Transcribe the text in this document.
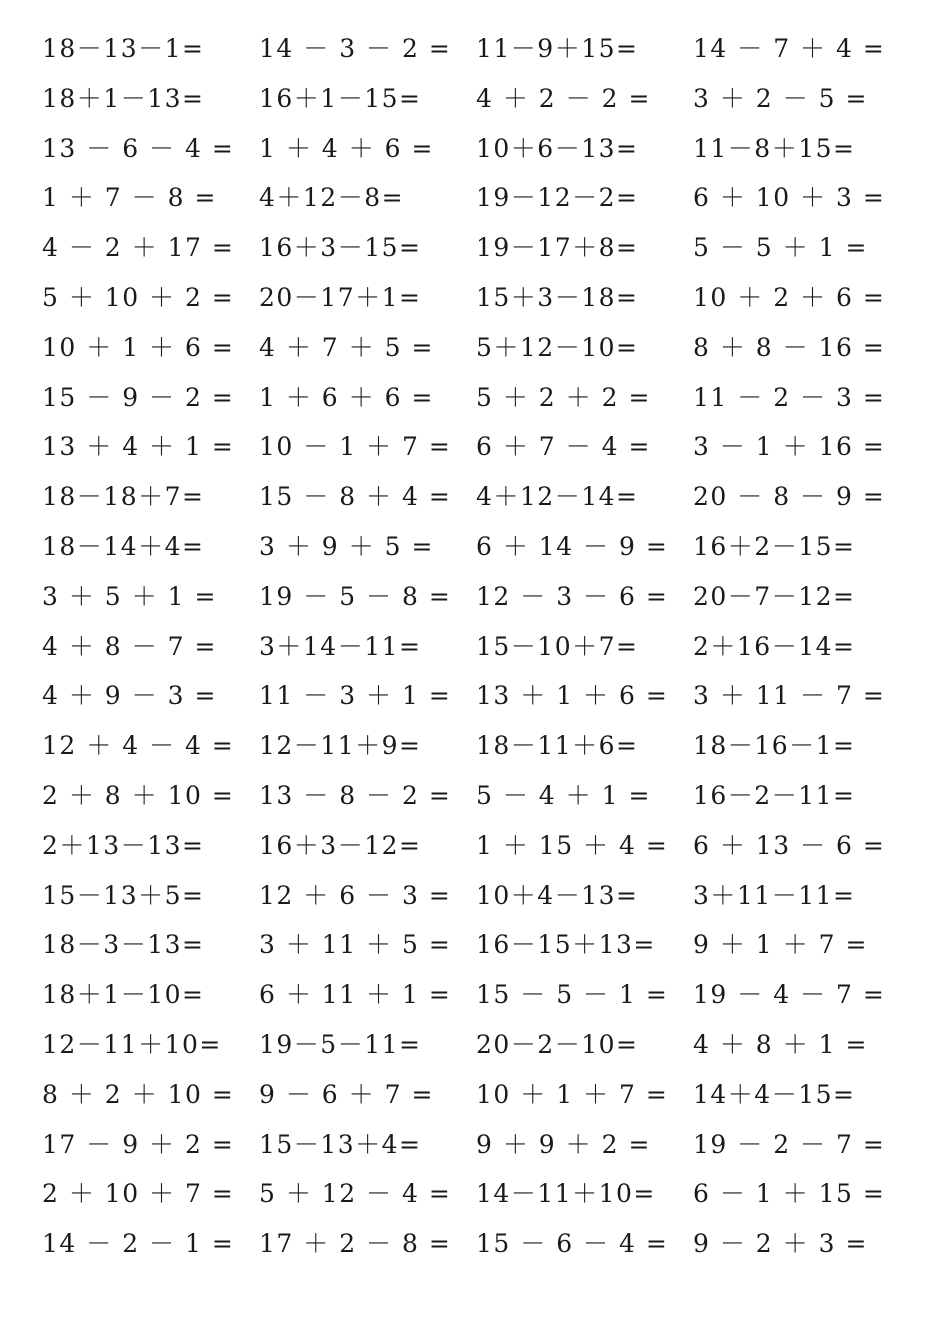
18－13－1=	14 － 3 － 2 = 11－9＋15=	14 － 7 ＋ 4 =
18＋1－13=	16＋1－15=	4 ＋ 2 － 2 =	3 ＋ 2 － 5 =
13 － 6 － 4 = 1 ＋ 4 ＋ 6 =	10＋6－13=	11－8＋15=
1 ＋ 7 － 8 =	4＋12－8=	19－12－2=	6 ＋ 10 ＋ 3 =
4 － 2 ＋ 17 = 16＋3－15=	19－17＋8=	5 － 5 ＋ 1 =
5 ＋ 10 ＋ 2 = 20－17＋1=	15＋3－18=	10 ＋ 2 ＋ 6 =
10 ＋ 1 ＋ 6 = 4 ＋ 7 ＋ 5 =	5＋12－10=	8 ＋ 8 － 16 =
15 － 9 － 2 = 1 ＋ 6 ＋ 6 =	5 ＋ 2 ＋ 2 =	11 － 2 － 3 =
13 ＋ 4 ＋ 1 = 10 － 1 ＋ 7 = 6 ＋ 7 － 4 =	3 － 1 ＋ 16 =
18－18＋7=	15 － 8 ＋ 4 = 4＋12－14=	20 － 8 － 9 =
18－14＋4=	3 ＋ 9 ＋ 5 =	6 ＋ 14 － 9 = 16＋2－15=
3 ＋ 5 ＋ 1 =	19 － 5 － 8 = 12 － 3 － 6 = 20－7－12=
4 ＋ 8 － 7 =	3＋14－11=	15－10＋7=	2＋16－14=
4 ＋ 9 － 3 =	11 － 3 ＋ 1 = 13 ＋ 1 ＋ 6 = 3 ＋ 11 － 7 =
12 ＋ 4 － 4 = 12－11＋9=	18－11＋6=	18－16－1=
2 ＋ 8 ＋ 10 = 13 － 8 － 2 = 5 － 4 ＋ 1 =	16－2－11=
2＋13－13=	16＋3－12=	1 ＋ 15 ＋ 4 = 6 ＋ 13 － 6 =
15－13＋5=	12 ＋ 6 － 3 = 10＋4－13=	3＋11－11=
18－3－13=	3 ＋ 11 ＋ 5 = 16－15＋13=	9 ＋ 1 ＋ 7 =
18＋1－10=	6 ＋ 11 ＋ 1 = 15 － 5 － 1 = 19 － 4 － 7 =
12－11＋10=	19－5－11=	20－2－10=	4 ＋ 8 ＋ 1 =
8 ＋ 2 ＋ 10 = 9 － 6 ＋ 7 =	10 ＋ 1 ＋ 7 = 14＋4－15=
17 － 9 ＋ 2 = 15－13＋4=	9 ＋ 9 ＋ 2 =	19 － 2 － 7 =
2 ＋ 10 ＋ 7 = 5 ＋ 12 － 4 = 14－11＋10=	6 － 1 ＋ 15 =
14 － 2 － 1 = 17 ＋ 2 － 8 = 15 － 6 － 4 = 9 － 2 ＋ 3 =
